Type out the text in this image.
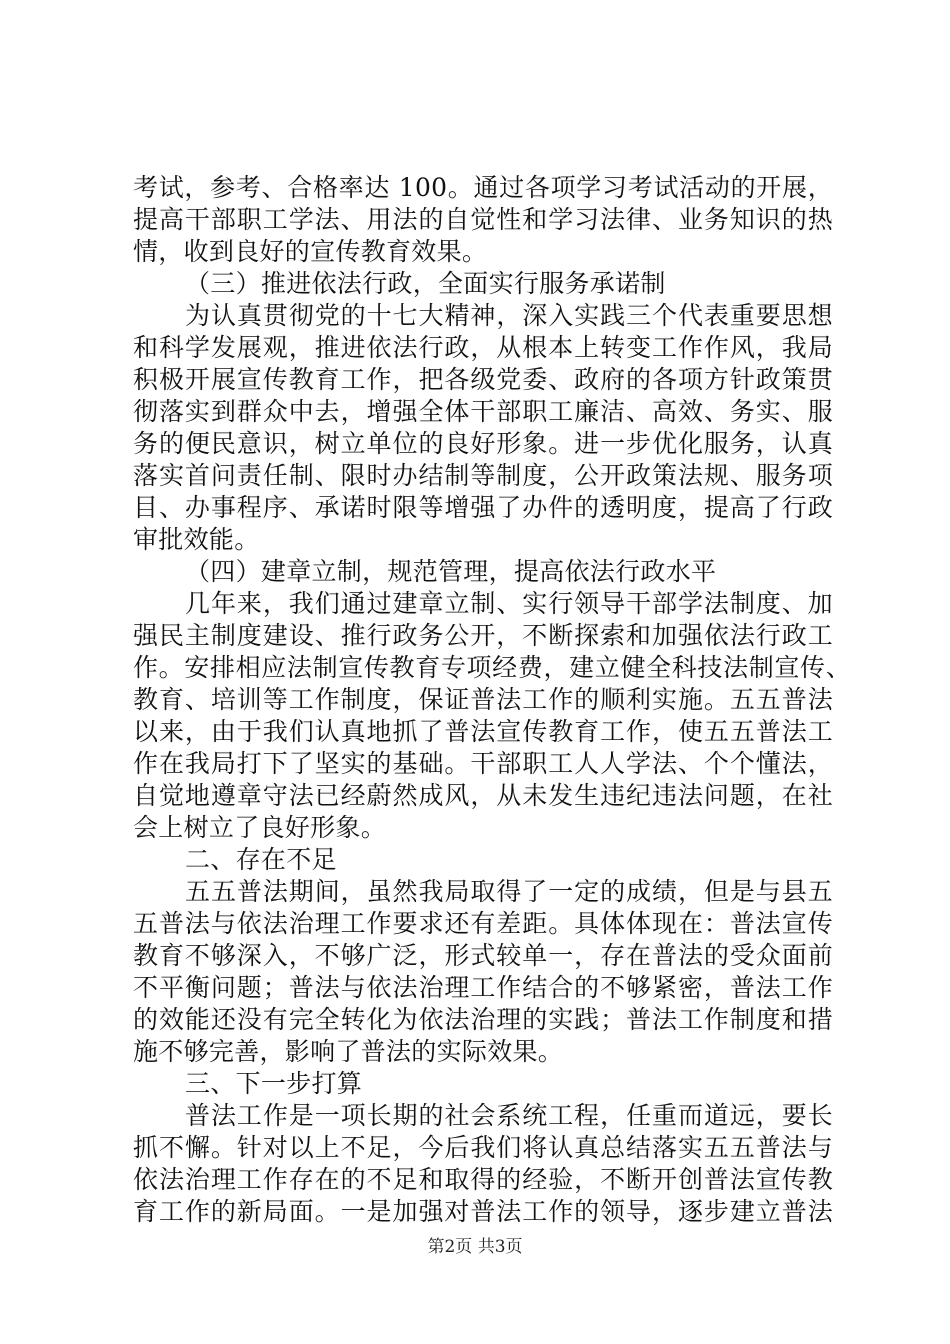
考试，参考、合格率达 100。通过各项学习考试活动的开展，
提高干部职工学法、用法的自觉性和学习法律、业务知识的热
情，收到良好的宣传教育效果。
（三）推进依法行政，全面实行服务承诺制
为认真贯彻党的十七大精神，深入实践三个代表重要思想
和科学发展观，推进依法行政，从根本上转变工作作风，我局
积极开展宣传教育工作，把各级党委、政府的各项方针政策贯
彻落实到群众中去，增强全体干部职工廉洁、高效、务实、服
务的便民意识，树立单位的良好形象。进一步优化服务，认真
落实首问责任制、限时办结制等制度，公开政策法规、服务项
目、办事程序、承诺时限等增强了办件的透明度，提高了行政
审批效能。
（四）建章立制，规范管理，提高依法行政水平
几年来，我们通过建章立制、实行领导干部学法制度、加
强民主制度建设、推行政务公开，不断探索和加强依法行政工
作。安排相应法制宣传教育专项经费，建立健全科技法制宣传、
教育、培训等工作制度，保证普法工作的顺利实施。五五普法
以来，由于我们认真地抓了普法宣传教育工作，使五五普法工
作在我局打下了坚实的基础。干部职工人人学法、个个懂法，
自觉地遵章守法已经蔚然成风，从未发生违纪违法问题，在社
会上树立了良好形象。
二、存在不足
五五普法期间，虽然我局取得了一定的成绩，但是与县五
五普法与依法治理工作要求还有差距。具体体现在：普法宣传
教育不够深入，不够广泛，形式较单一，存在普法的受众面前
不平衡问题；普法与依法治理工作结合的不够紧密，普法工作
的效能还没有完全转化为依法治理的实践；普法工作制度和措
施不够完善，影响了普法的实际效果。
三、下一步打算
普法工作是一项长期的社会系统工程，任重而道远，要长
抓不懈。针对以上不足，今后我们将认真总结落实五五普法与
依法治理工作存在的不足和取得的经验，不断开创普法宣传教
育工作的新局面。一是加强对普法工作的领导，逐步建立普法
第2页 共3页
